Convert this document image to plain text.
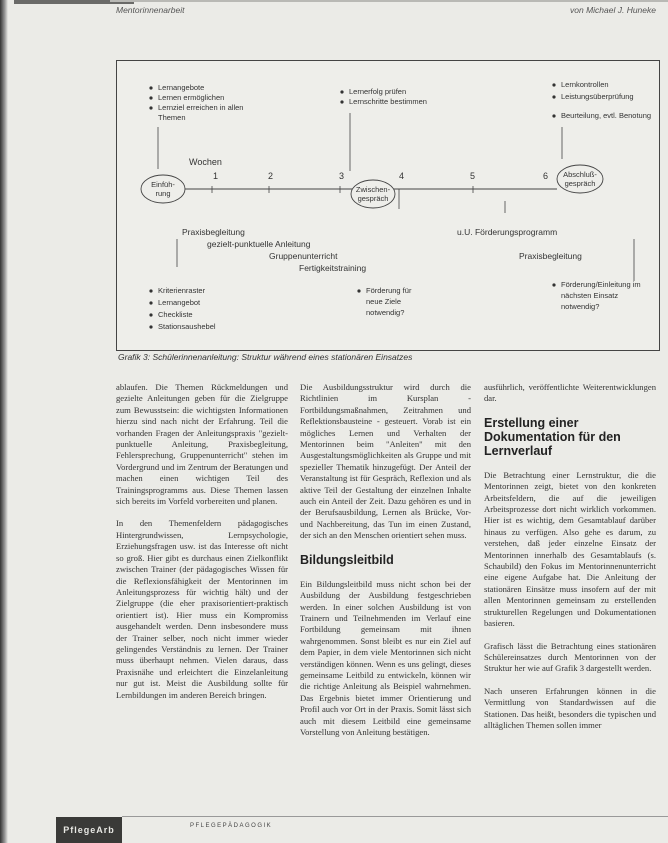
Mentorinnenarbeit	von Michael J. Huneke
Lernangebote
Lernen ermöglichen
Lernziel erreichen in allen
Themen
Lernerfolg prüfen
Lernschritte bestimmen
Lernkontrollen
Leistungsüberprüfung
Beurteilung, evtl. Benotung
Wochen
1	2	3	4	5	6
Einfüh-
rung	Zwischen-
gespräch
Abschluß-
gespräch
Praxisbegleitung
gezielt-punktuelle Anleitung
Gruppenunterricht
Fertigkeitstraining
u.U. Förderungsprogramm
Praxisbegleitung
Kriterienraster
Lernangebot
Checkliste
Stationsaushebel
Förderung für
neue Ziele
notwendig?
Förderung/Einleitung im
nächsten Einsatz
notwendig?
Grafik 3: Schülerinnenanleitung: Struktur während eines stationären Einsatzes

ablaufen. Die Themen Rückmeldungen und gezielte Anleitungen geben für die Zielgruppe zum Bewusstsein: die wichtigsten Informationen hierzu sind nach nicht der Erfahrung. Teil die vorhanden Fragen der Anleitungspraxis "gezielt-punktuelle Anleitung, Praxisbegleitung, Fehlersprechung, Gruppenunterricht" stehen im Vordergrund und im Zentrum der Beratungen und machen einen wichtigen Teil des Trainingsprogramms aus. Diese Themen lassen sich bereits im Vorfeld vorbereiten und planen.

In den Themenfeldern pädagogisches Hintergrundwissen, Lernpsychologie, Erziehungsfragen usw. ist das Interesse oft nicht so groß. Hier gibt es durchaus einen Zielkonflikt zwischen Trainer (der pädagogisches Wissen für die Reflexionsfähigkeit der Mentorinnen im Anleitungsprozess für wichtig hält) und der Zielgruppe (die eher praxisorientiert-praktisch orientiert ist). Hier muss ein Kompromiss ausgehandelt werden. Denn insbesondere muss der Trainer selber, noch nicht immer wieder gelingendes Verständnis zu lernen. Der Trainer muss überhaupt nehmen. Vielen daraus, dass Praxisnähe und erleichtert die Einzelanleitung nur gut ist. Meist die Ausbildung sollte für Lernbildungen im anderen Bereich bringen.

Die Ausbildungsstruktur wird durch die Richtlinien im Kursplan - Fortbildungsmaßnahmen, Zeitrahmen und Reflektionsbausteine - gesteuert. Vorab ist ein mögliches Lernen und Verhalten der Mentorinnen beim "Anleiten" mit den Ausgestaltungsmöglichkeiten als Gruppe und mit spezieller Thematik hinzugefügt. Der Anteil der Veranstaltung ist für Gespräch, Reflexion und als aktive Teil der Gestaltung der einzelnen Inhalte auch ein Anteil der Zeit. Dazu gehören es und in der Berufsausbildung, Lernen als Brücke, Vor- und Nachbereitung, das Tun im einen Zustand, der sich an den Menschen orientiert sehen muss.

Bildungsleitbild

Ein Bildungsleitbild muss nicht schon bei der Ausbildung der Ausbildung festgeschrieben werden. In einer solchen Ausbildung ist von Trainern und Teilnehmenden im Verlauf eine Fortbildung gemeinsam mit ihnen wahrgenommen. Sonst bleibt es nur ein Ziel auf dem Papier, in dem viele Mentorinnen sich nicht verständigen können. Wenn es uns gelingt, dieses gemeinsame Leitbild zu entwickeln, können wir die richtige Anleitung als Beispiel wahrnehmen. Das Ergebnis bietet immer Orientierung und Profil auch vor Ort in der Praxis. Somit lässt sich auch mit diesem Leitbild eine gemeinsame Vorstellung von Anleitung bestätigen.

ausführlich, veröffentlichte Weiterentwicklungen dar.

Erstellung einer Dokumentation für den Lernverlauf

Die Betrachtung einer Lernstruktur, die die Mentorinnen zeigt, bietet von den konkreten Arbeitsfeldern, die auf die jeweiligen Arbeitsprozesse dort nicht wirklich vorkommen. Hier ist es wichtig, dem Gesamtablauf darüber hinaus zu verfügen. Also gehe es darum, zu verstehen, daß jeder einzelne Einsatz der Mentorinnen innerhalb des Gesamtablaufs (s. Schaubild) den Fokus im Mentorinnenunterricht eine eigene Aufgabe hat. Die Anleitung der stationären Einsätze muss insofern auf der mit allen Mentorinnen gemeinsam zu erstellenden strukturellen Regelungen und Dokumentationen basieren.

Grafisch lässt die Betrachtung eines stationären Schülereinsatzes durch Mentorinnen von der Struktur her wie auf Grafik 3 dargestellt werden.

Nach unseren Erfahrungen können in die Vermittlung von Standardwissen auf die Stationen. Das heißt, besonders die typischen und alltäglichen Themen sollen immer

PflegeArb	PFLEGEPÄDAGOGIK
